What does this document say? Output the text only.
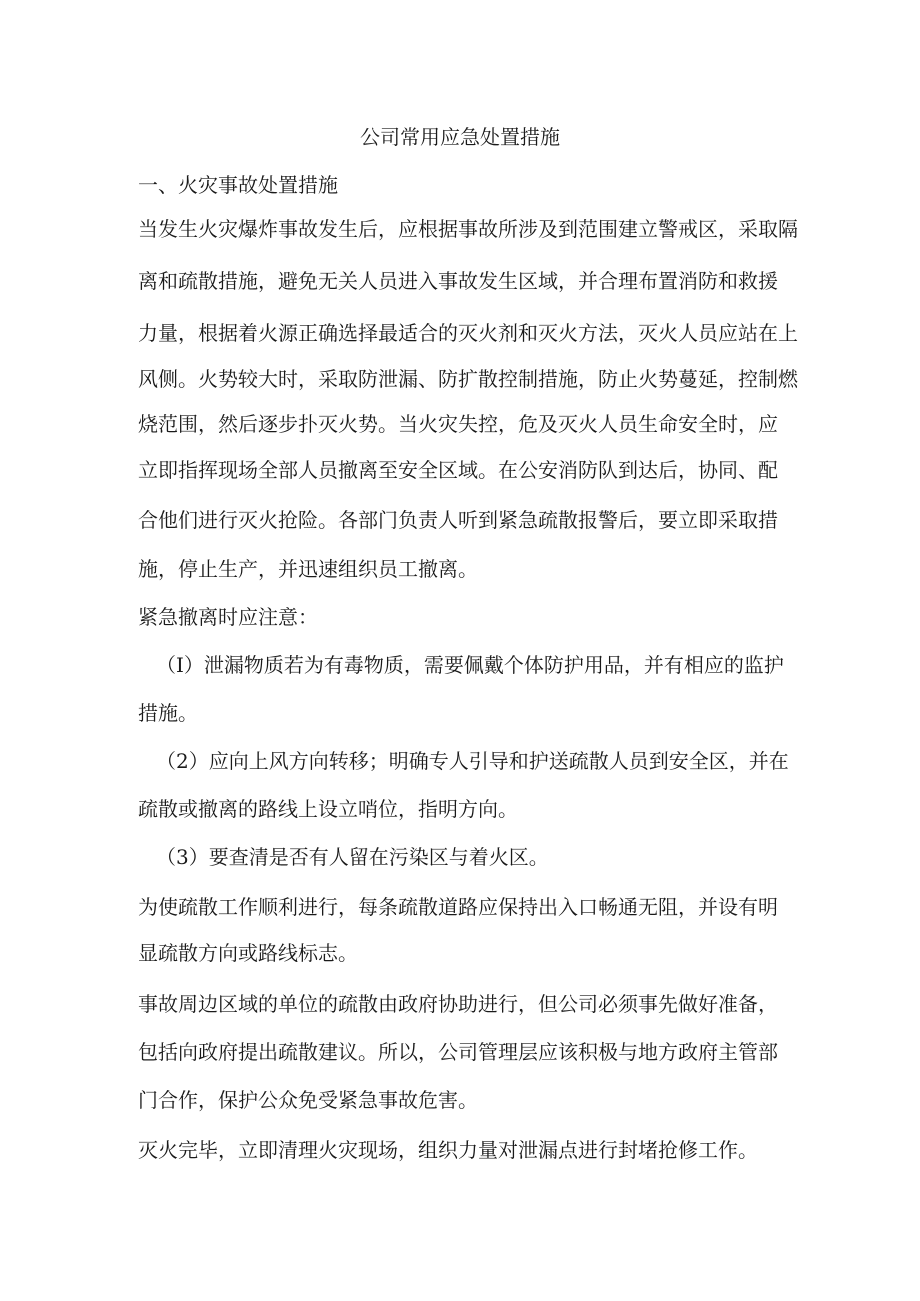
公司常用应急处置措施
一、火灾事故处置措施

当发生火灾爆炸事故发生后，应根据事故所涉及到范围建立警戒区，采取隔

离和疏散措施，避免无关人员进入事故发生区域，并合理布置消防和救援

力量，根据着火源正确选择最适合的灭火剂和灭火方法，灭火人员应站在上

风侧。火势较大时，采取防泄漏、防扩散控制措施，防止火势蔓延，控制燃

烧范围，然后逐步扑灭火势。当火灾失控，危及灭火人员生命安全时，应

立即指挥现场全部人员撤离至安全区域。在公安消防队到达后，协同、配

合他们进行灭火抢险。各部门负责人听到紧急疏散报警后，要立即采取措

施，停止生产，并迅速组织员工撤离。

紧急撤离时应注意：

（I）泄漏物质若为有毒物质，需要佩戴个体防护用品，并有相应的监护

措施。

（2）应向上风方向转移；明确专人引导和护送疏散人员到安全区，并在

疏散或撤离的路线上设立哨位，指明方向。

（3）要查清是否有人留在污染区与着火区。

为使疏散工作顺利进行，每条疏散道路应保持出入口畅通无阻，并设有明

显疏散方向或路线标志。

事故周边区域的单位的疏散由政府协助进行，但公司必须事先做好准备，

包括向政府提出疏散建议。所以，公司管理层应该积极与地方政府主管部

门合作，保护公众免受紧急事故危害。

灭火完毕，立即清理火灾现场，组织力量对泄漏点进行封堵抢修工作。
